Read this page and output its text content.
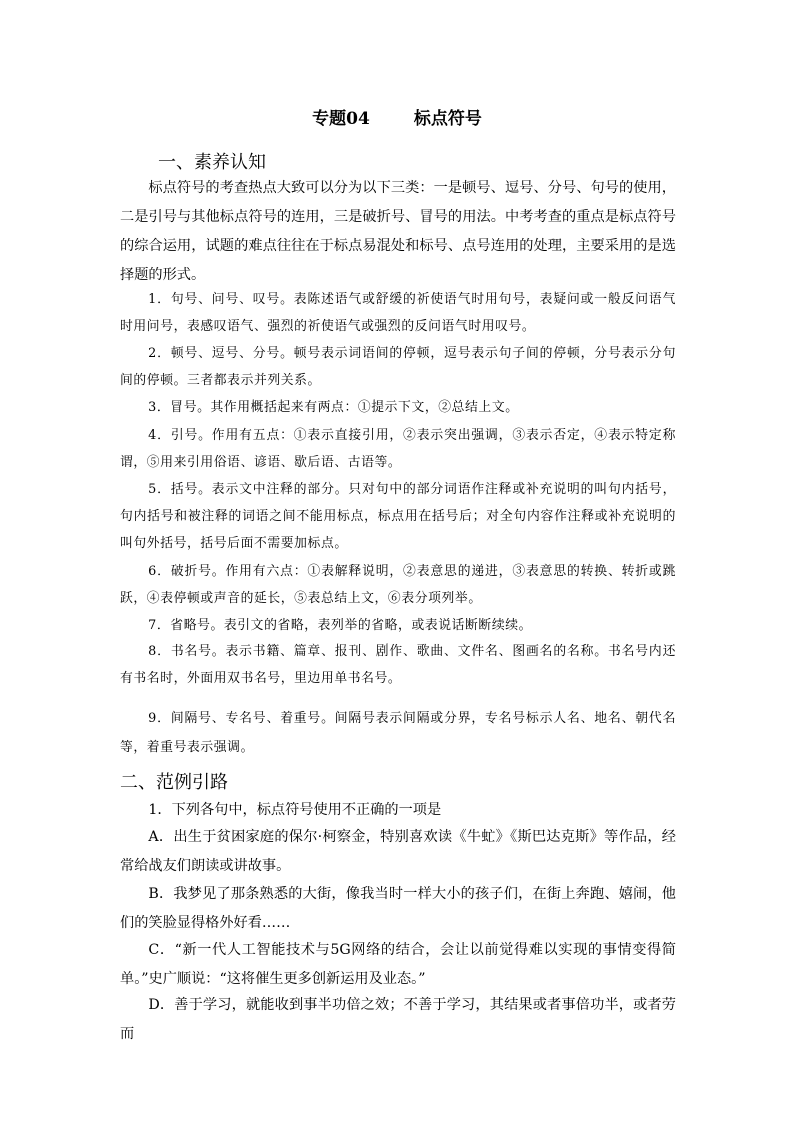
专题04	标点符号
一、素养认知

标点符号的考查热点大致可以分为以下三类：一是顿号、逗号、分号、句号的使用，二是引号与其他标点符号的连用，三是破折号、冒号的用法。中考考查的重点是标点符号的综合运用，试题的难点往往在于标点易混处和标号、点号连用的处理，主要采用的是选择题的形式。

1．句号、问号、叹号。表陈述语气或舒缓的祈使语气时用句号，表疑问或一般反问语气时用问号，表感叹语气、强烈的祈使语气或强烈的反问语气时用叹号。

2．顿号、逗号、分号。顿号表示词语间的停顿，逗号表示句子间的停顿，分号表示分句间的停顿。三者都表示并列关系。

3．冒号。其作用概括起来有两点：①提示下文，②总结上文。

4．引号。作用有五点：①表示直接引用，②表示突出强调，③表示否定，④表示特定称谓，⑤用来引用俗语、谚语、歇后语、古语等。

5．括号。表示文中注释的部分。只对句中的部分词语作注释或补充说明的叫句内括号，句内括号和被注释的词语之间不能用标点，标点用在括号后；对全句内容作注释或补充说明的叫句外括号，括号后面不需要加标点。

6．破折号。作用有六点：①表解释说明，②表意思的递进，③表意思的转换、转折或跳跃，④表停顿或声音的延长，⑤表总结上文，⑥表分项列举。

7．省略号。表引文的省略，表列举的省略，或表说话断断续续。

8．书名号。表示书籍、篇章、报刊、剧作、歌曲、文件名、图画名的名称。书名号内还有书名时，外面用双书名号，里边用单书名号。

9．间隔号、专名号、着重号。间隔号表示间隔或分界，专名号标示人名、地名、朝代名等，着重号表示强调。

二、范例引路

1．下列各句中，标点符号使用不正确的一项是

A．出生于贫困家庭的保尔·柯察金，特别喜欢读《牛虻》《斯巴达克斯》等作品，经常给战友们朗读或讲故事。

B．我梦见了那条熟悉的大街，像我当时一样大小的孩子们，在街上奔跑、嬉闹，他们的笑脸显得格外好看……

C．“新一代人工智能技术与5G网络的结合，会让以前觉得难以实现的事情变得简单。”史广顺说：“这将催生更多创新运用及业态。”

D．善于学习，就能收到事半功倍之效；不善于学习，其结果或者事倍功半，或者劳而
